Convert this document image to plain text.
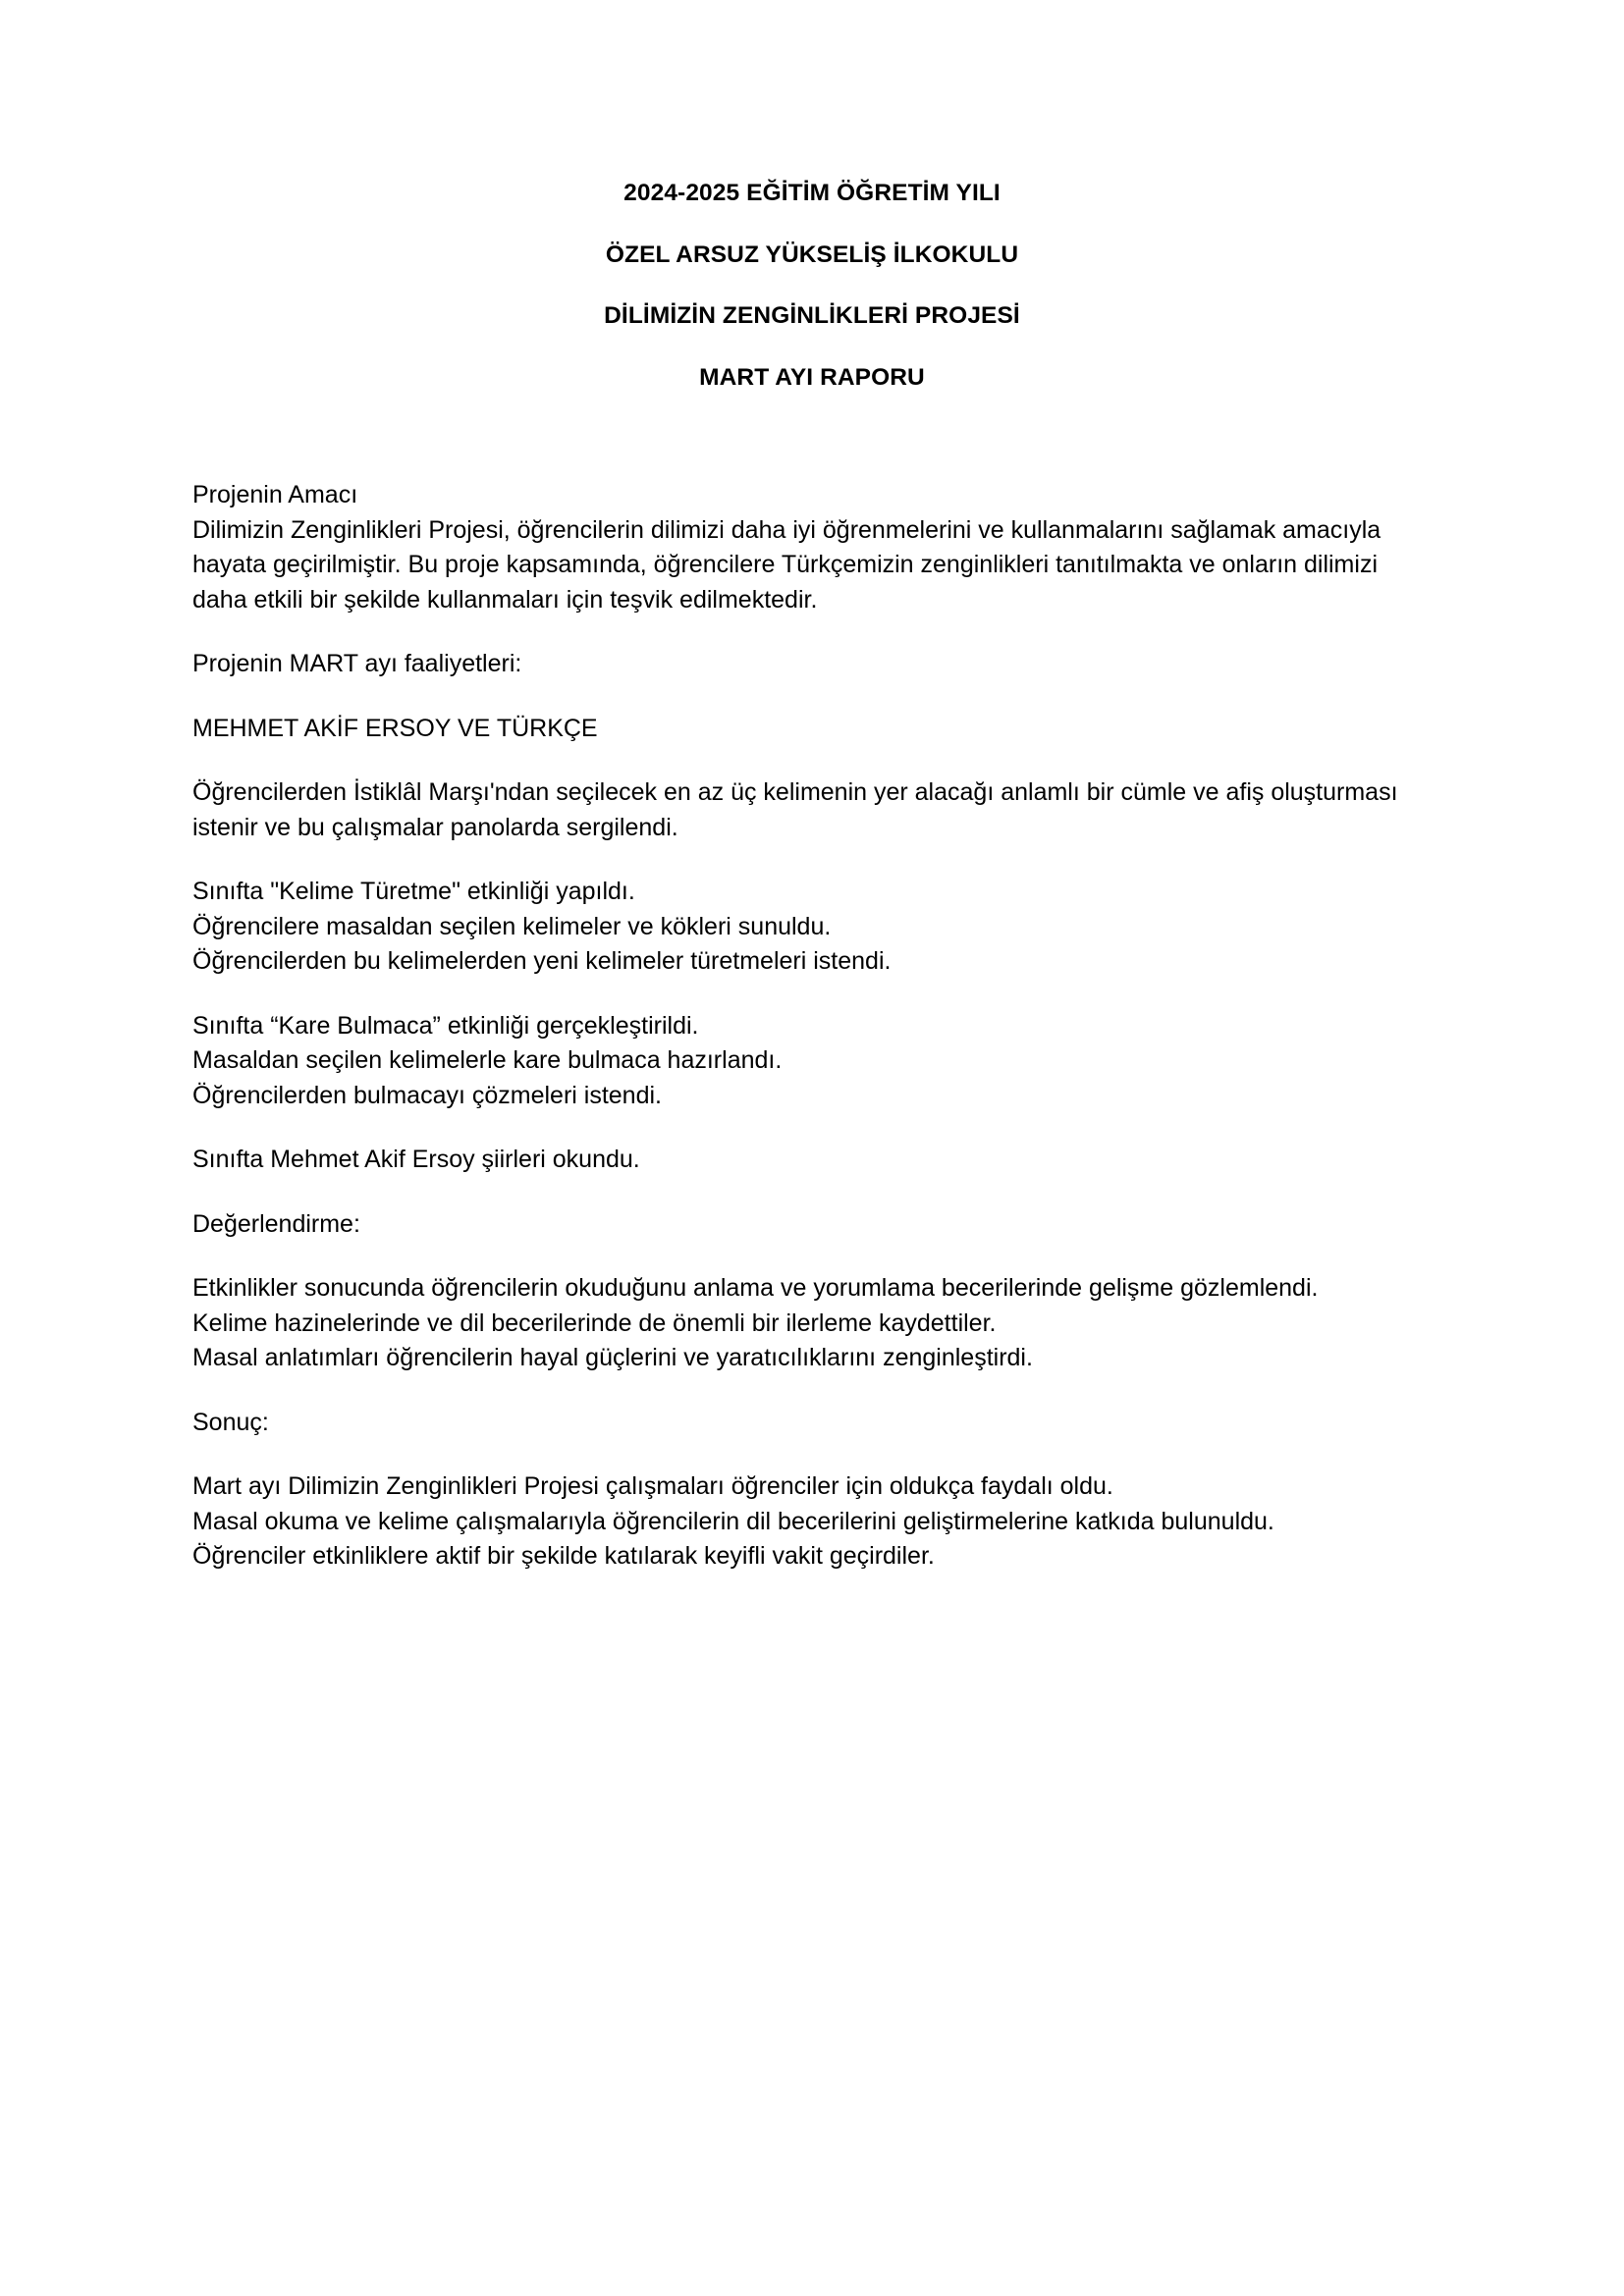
2024-2025 EĞİTİM ÖĞRETİM YILI
ÖZEL ARSUZ YÜKSELİŞ İLKOKULU
DİLİMİZİN ZENGİNLİKLERİ PROJESİ
MART AYI RAPORU
Projenin Amacı
Dilimizin Zenginlikleri Projesi, öğrencilerin dilimizi daha iyi öğrenmelerini ve kullanmalarını sağlamak amacıyla hayata geçirilmiştir. Bu proje kapsamında, öğrencilere Türkçemizin zenginlikleri tanıtılmakta ve onların dilimizi daha etkili bir şekilde kullanmaları için teşvik edilmektedir.
Projenin MART ayı faaliyetleri:
MEHMET AKİF ERSOY VE TÜRKÇE
Öğrencilerden İstiklâl Marşı'ndan seçilecek en az üç kelimenin yer alacağı anlamlı bir cümle ve afiş oluşturması istenir ve bu çalışmalar panolarda sergilendi.
Sınıfta "Kelime Türetme" etkinliği yapıldı.
Öğrencilere masaldan seçilen kelimeler ve kökleri sunuldu.
Öğrencilerden bu kelimelerden yeni kelimeler türetmeleri istendi.
Sınıfta “Kare Bulmaca” etkinliği gerçekleştirildi.
Masaldan seçilen kelimelerle kare bulmaca hazırlandı.
Öğrencilerden bulmacayı çözmeleri istendi.
Sınıfta Mehmet Akif Ersoy şiirleri okundu.
Değerlendirme:
Etkinlikler sonucunda öğrencilerin okuduğunu anlama ve yorumlama becerilerinde gelişme gözlemlendi.
Kelime hazinelerinde ve dil becerilerinde de önemli bir ilerleme kaydettiler.
Masal anlatımları öğrencilerin hayal güçlerini ve yaratıcılıklarını zenginleştirdi.
Sonuç:
Mart ayı Dilimizin Zenginlikleri Projesi çalışmaları öğrenciler için oldukça faydalı oldu.
Masal okuma ve kelime çalışmalarıyla öğrencilerin dil becerilerini geliştirmelerine katkıda bulunuldu.
Öğrenciler etkinliklere aktif bir şekilde katılarak keyifli vakit geçirdiler.
